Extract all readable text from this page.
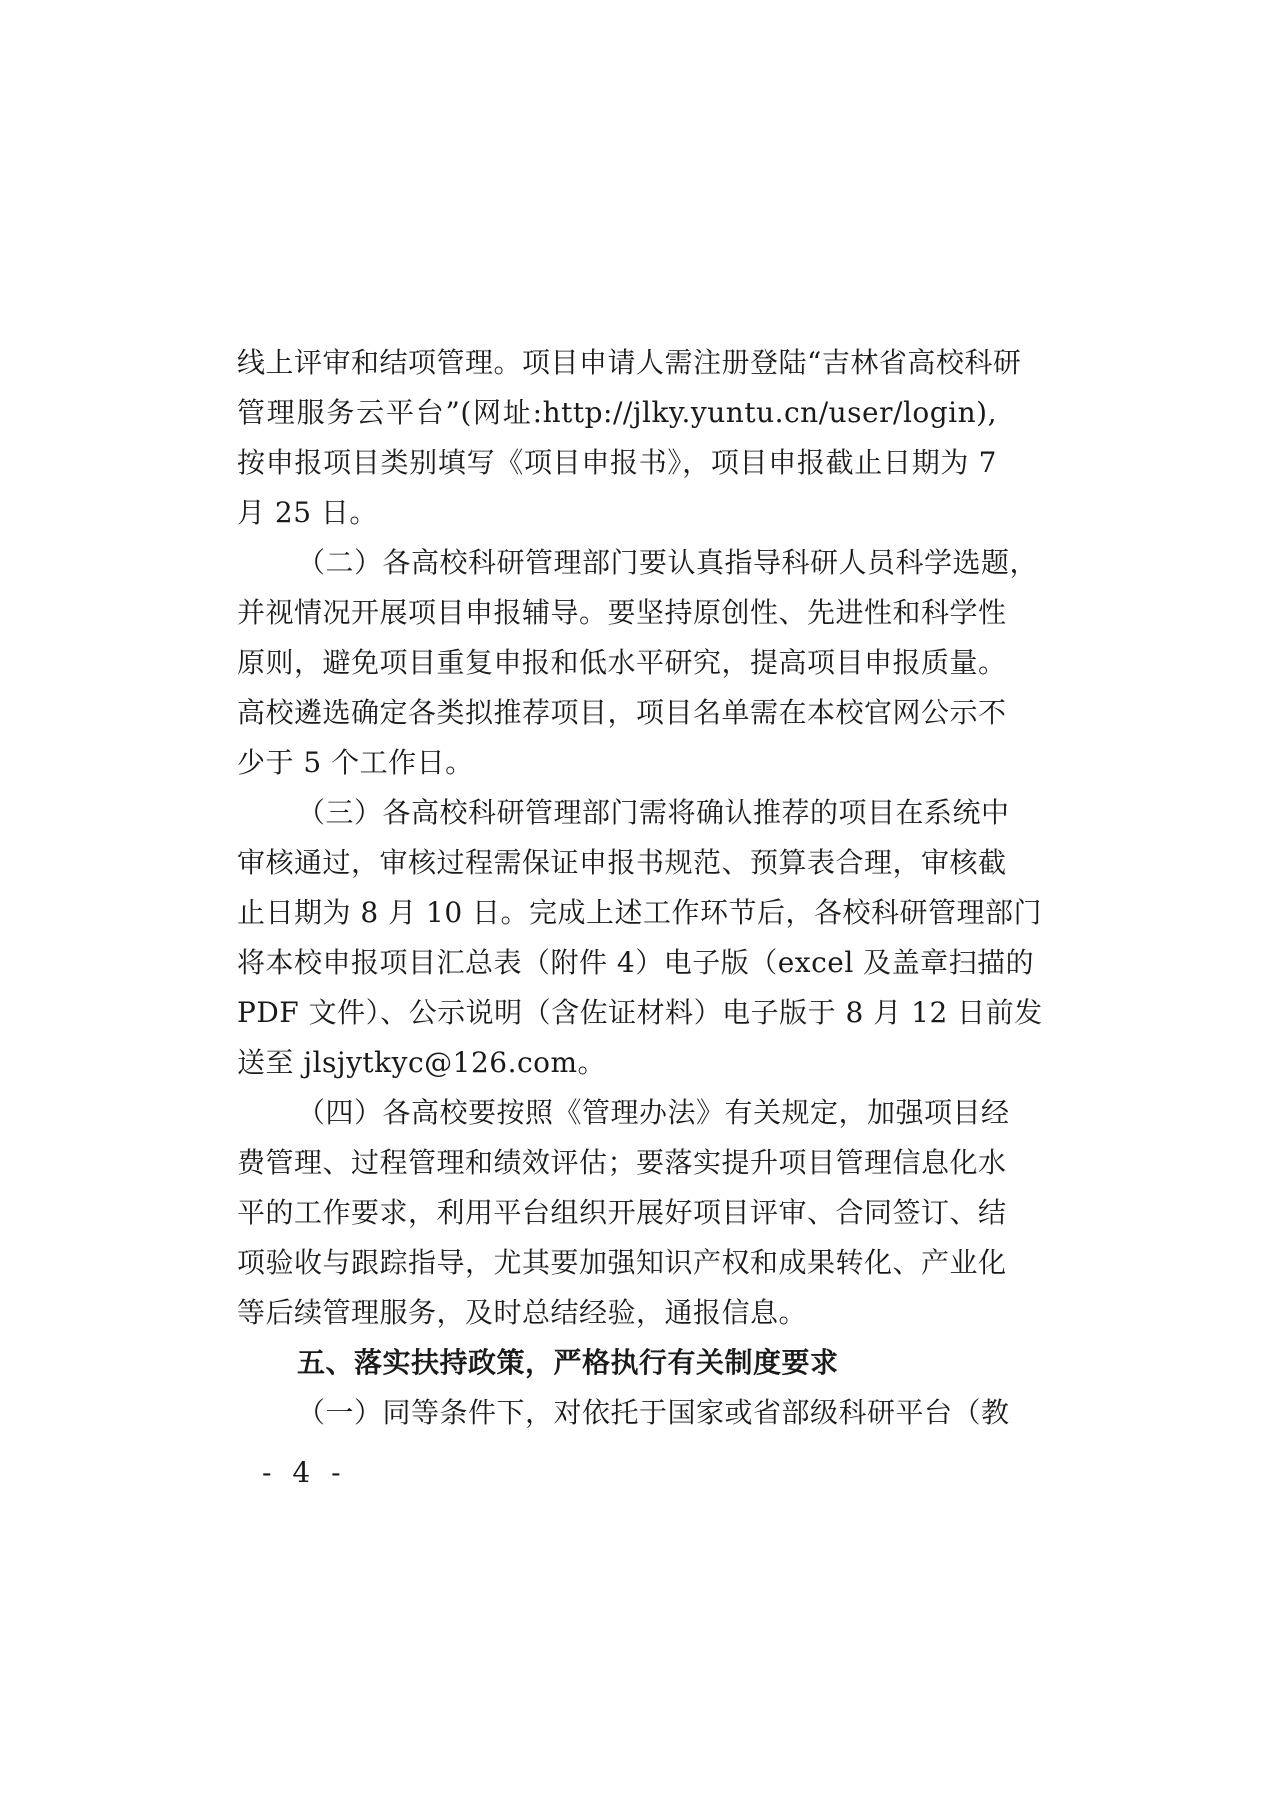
线上评审和结项管理。项目申请人需注册登陆“吉林省高校科研
管理服务云平台”(网址:http://jlky.yuntu.cn/user/login),
按申报项目类别填写《项目申报书》，项目申报截止日期为 7
月 25 日。
（二）各高校科研管理部门要认真指导科研人员科学选题，
并视情况开展项目申报辅导。要坚持原创性、先进性和科学性
原则，避免项目重复申报和低水平研究，提高项目申报质量。
高校遴选确定各类拟推荐项目，项目名单需在本校官网公示不
少于 5 个工作日。
（三）各高校科研管理部门需将确认推荐的项目在系统中
审核通过，审核过程需保证申报书规范、预算表合理，审核截
止日期为 8 月 10 日。完成上述工作环节后，各校科研管理部门
将本校申报项目汇总表（附件 4）电子版（excel 及盖章扫描的
PDF 文件）、公示说明（含佐证材料）电子版于 8 月 12 日前发
送至 jlsjytkyc@126.com。
（四）各高校要按照《管理办法》有关规定，加强项目经
费管理、过程管理和绩效评估；要落实提升项目管理信息化水
平的工作要求，利用平台组织开展好项目评审、合同签订、结
项验收与跟踪指导，尤其要加强知识产权和成果转化、产业化
等后续管理服务，及时总结经验，通报信息。
五、落实扶持政策，严格执行有关制度要求
（一）同等条件下，对依托于国家或省部级科研平台（教
- 4 -
